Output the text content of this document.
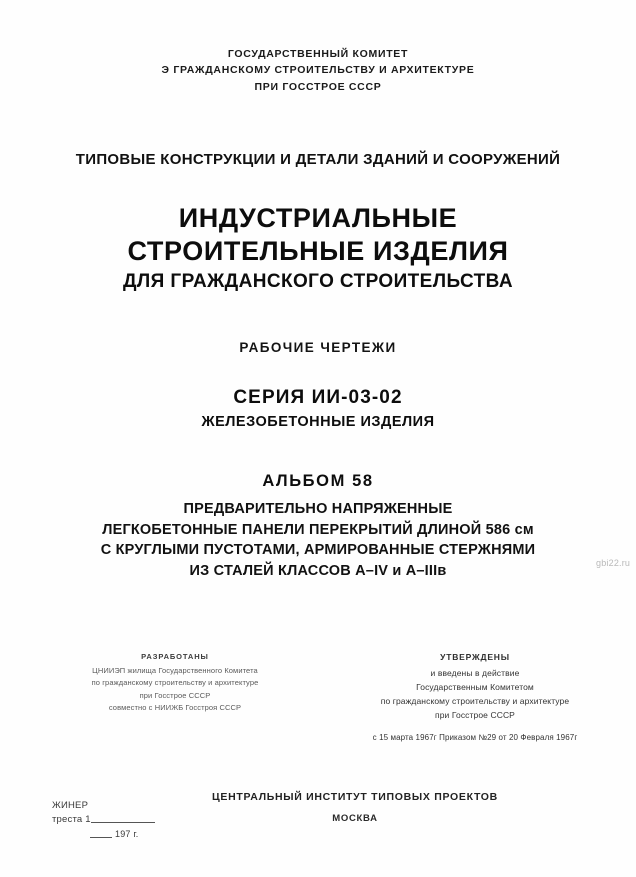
ГОСУДАРСТВЕННЫЙ КОМИТЕТ
Э ГРАЖДАНСКОМУ СТРОИТЕЛЬСТВУ И АРХИТЕКТУРЕ
ПРИ ГОССТРОЕ СССР
ТИПОВЫЕ КОНСТРУКЦИИ И ДЕТАЛИ ЗДАНИЙ И СООРУЖЕНИЙ
ИНДУСТРИАЛЬНЫЕ
СТРОИТЕЛЬНЫЕ ИЗДЕЛИЯ
ДЛЯ ГРАЖДАНСКОГО СТРОИТЕЛЬСТВА
РАБОЧИЕ ЧЕРТЕЖИ
СЕРИЯ ИИ-03-02
ЖЕЛЕЗОБЕТОННЫЕ ИЗДЕЛИЯ
АЛЬБОМ 58
ПРЕДВАРИТЕЛЬНО НАПРЯЖЕННЫЕ
ЛЕГКОБЕТОННЫЕ ПАНЕЛИ ПЕРЕКРЫТИЙ ДЛИНОЙ 586 см
С КРУГЛЫМИ ПУСТОТАМИ, АРМИРОВАННЫЕ СТЕРЖНЯМИ
ИЗ СТАЛЕЙ КЛАССОВ А–IV и А–IIIв	gbi22.ru
РАЗРАБОТАНЫ
ЦНИИЭП жилища Государственного Комитета
по гражданскому строительству и архитектуре
при Госстрое СССР
совместно с НИИЖБ Госстроя СССР
УТВЕРЖДЕНЫ
и введены в действие
Государственным Комитетом
по гражданскому строительству и архитектуре
при Госстрое СССР
с 15 марта 1967г Приказом №29 от 20 Февраля 1967г
ЦЕНТРАЛЬНЫЙ ИНСТИТУТ ТИПОВЫХ ПРОЕКТОВ
МОСКВА
ЖИНЕР
треста 1
197 г.
